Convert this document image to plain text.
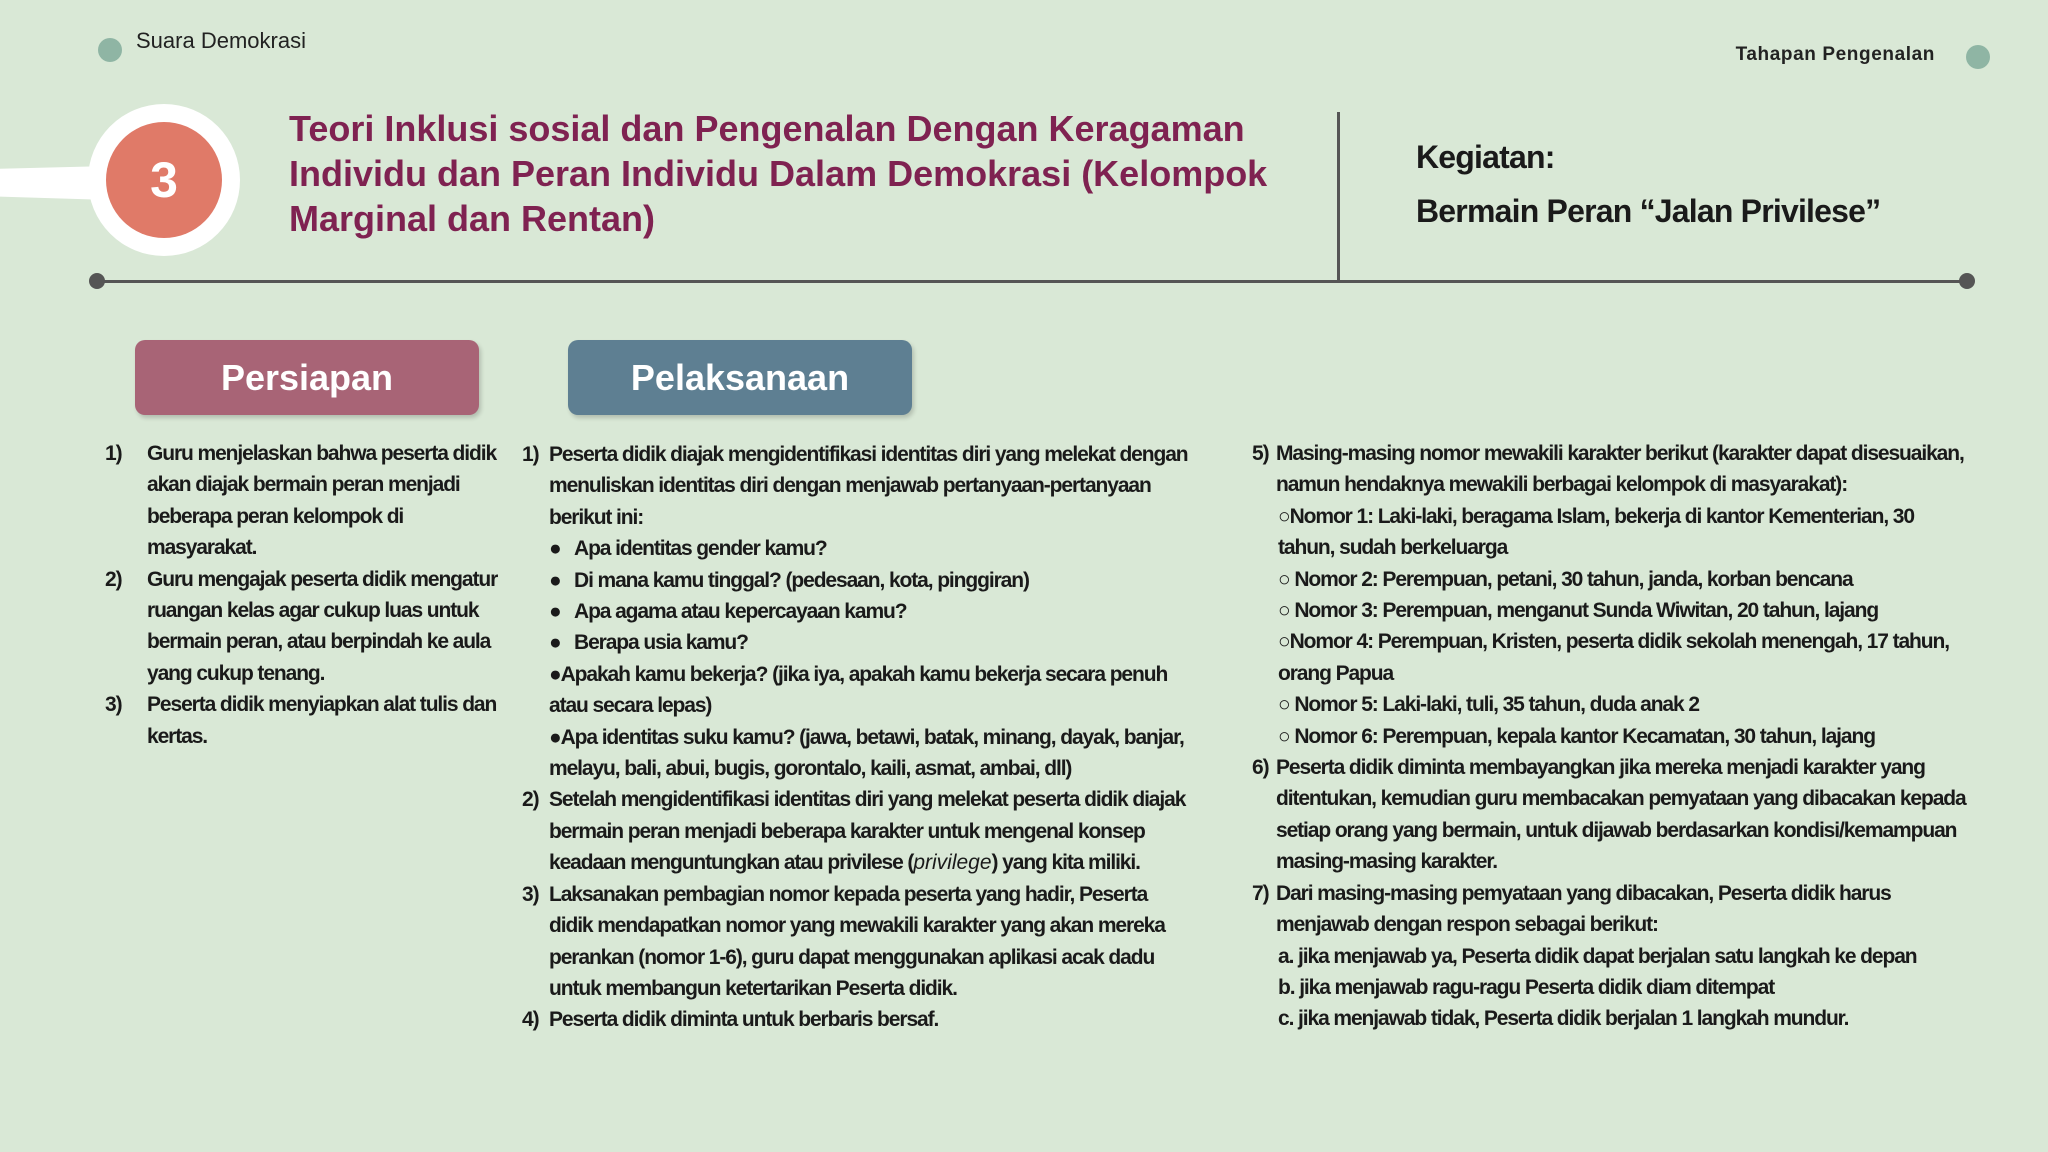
Suara Demokrasi
Tahapan Pengenalan
3
Teori Inklusi sosial dan Pengenalan Dengan Keragaman Individu dan Peran Individu Dalam Demokrasi (Kelompok Marginal dan Rentan)
Kegiatan:
Bermain Peran “Jalan Privilese”
Persiapan	Pelaksanaan
1) Guru menjelaskan bahwa peserta didik akan diajak bermain peran menjadi beberapa peran kelompok di masyarakat.
2) Guru mengajak peserta didik mengatur ruangan kelas agar cukup luas untuk bermain peran, atau berpindah ke aula yang cukup tenang.
3) Peserta didik menyiapkan alat tulis dan kertas.
1) Peserta didik diajak mengidentifikasi identitas diri yang melekat dengan menuliskan identitas diri dengan menjawab pertanyaan-pertanyaan berikut ini:
● Apa identitas gender kamu?
● Di mana kamu tinggal? (pedesaan, kota, pinggiran)
● Apa agama atau kepercayaan kamu?
● Berapa usia kamu?
●Apakah kamu bekerja? (jika iya, apakah kamu bekerja secara penuh atau secara lepas)
●Apa identitas suku kamu? (jawa, betawi, batak, minang, dayak, banjar, melayu, bali, abui, bugis, gorontalo, kaili, asmat, ambai, dll)
2) Setelah mengidentifikasi identitas diri yang melekat peserta didik diajak bermain peran menjadi beberapa karakter untuk mengenal konsep keadaan menguntungkan atau privilese (privilege) yang kita miliki.
3) Laksanakan pembagian nomor kepada peserta yang hadir, Peserta didik mendapatkan nomor yang mewakili karakter yang akan mereka perankan (nomor 1-6), guru dapat menggunakan aplikasi acak dadu untuk membangun ketertarikan Peserta didik.
4) Peserta didik diminta untuk berbaris bersaf.
5) Masing-masing nomor mewakili karakter berikut (karakter dapat disesuaikan, namun hendaknya mewakili berbagai kelompok di masyarakat):
○Nomor 1: Laki-laki, beragama Islam, bekerja di kantor Kementerian, 30 tahun, sudah berkeluarga
○ Nomor 2: Perempuan, petani, 30 tahun, janda, korban bencana
○ Nomor 3: Perempuan, menganut Sunda Wiwitan, 20 tahun, lajang
○Nomor 4: Perempuan, Kristen, peserta didik sekolah menengah, 17 tahun, orang Papua
○ Nomor 5: Laki-laki, tuli, 35 tahun, duda anak 2
○ Nomor 6: Perempuan, kepala kantor Kecamatan, 30 tahun, lajang
6) Peserta didik diminta membayangkan jika mereka menjadi karakter yang ditentukan, kemudian guru membacakan pemyataan yang dibacakan kepada setiap orang yang bermain, untuk dijawab berdasarkan kondisi/kemampuan masing-masing karakter.
7) Dari masing-masing pemyataan yang dibacakan, Peserta didik harus menjawab dengan respon sebagai berikut:
a. jika menjawab ya, Peserta didik dapat berjalan satu langkah ke depan
b. jika menjawab ragu-ragu Peserta didik diam ditempat
c. jika menjawab tidak, Peserta didik berjalan 1 langkah mundur.
